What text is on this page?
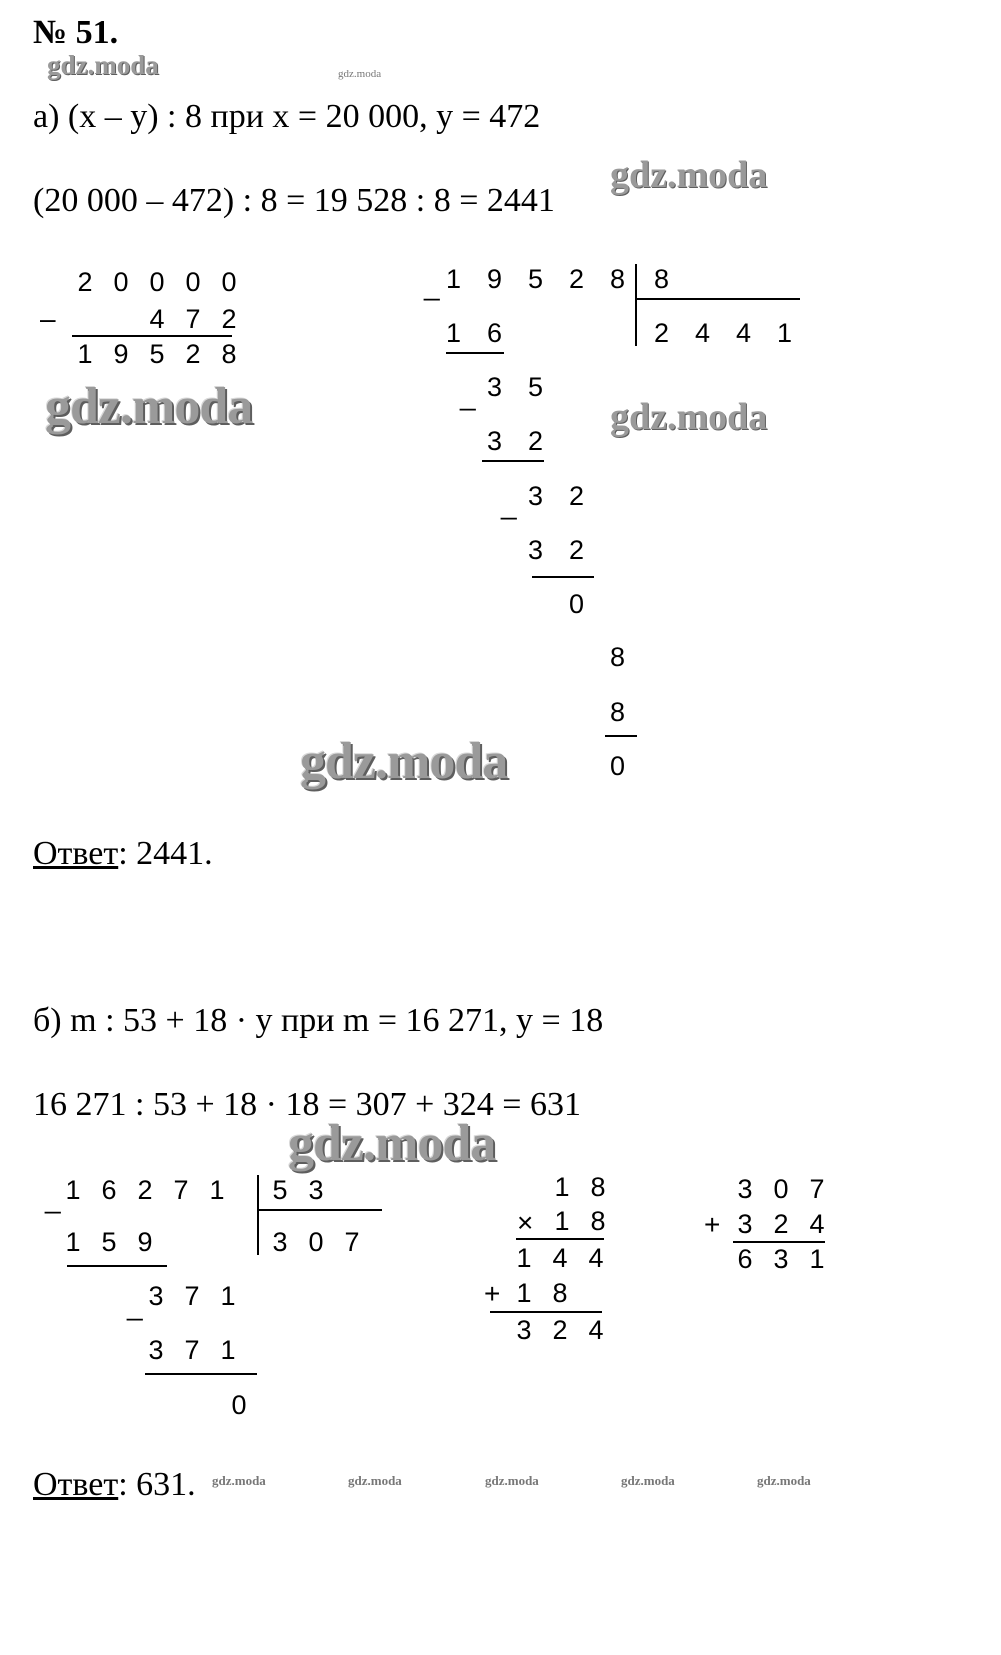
№ 51.
gdz.moda	gdz.moda
gdz.moda
gdz.moda	gdz.moda
gdz.moda
gdz.moda
gdz.moda	gdz.moda	gdz.moda	gdz.moda	gdz.moda
а) (x – y) : 8 при x = 20 000, y = 472
(20 000 – 472) : 8 = 19 528 : 8 = 2441
2 0 0 0 0
–	4 7 2
1 9 5 2 8
_ 1 9 5 2 8	8
2 4 4 1
1 6
_ 3 5
3 2
_ 3 2
3 2
0
8
8
0
Ответ: 2441.
б) m : 53 + 18 · y при m = 16 271, y = 18
16 271 : 53 + 18 · 18 = 307 + 324 = 631
_ 1 6 2 7 1	5 3
3 0 7
1 5 9
_ 3 7 1
3 7 1
0
1 8
× 1 8
1 4 4
+ 1 8
3 2 4
3 0 7
+ 3 2 4
6 3 1
Ответ: 631.
